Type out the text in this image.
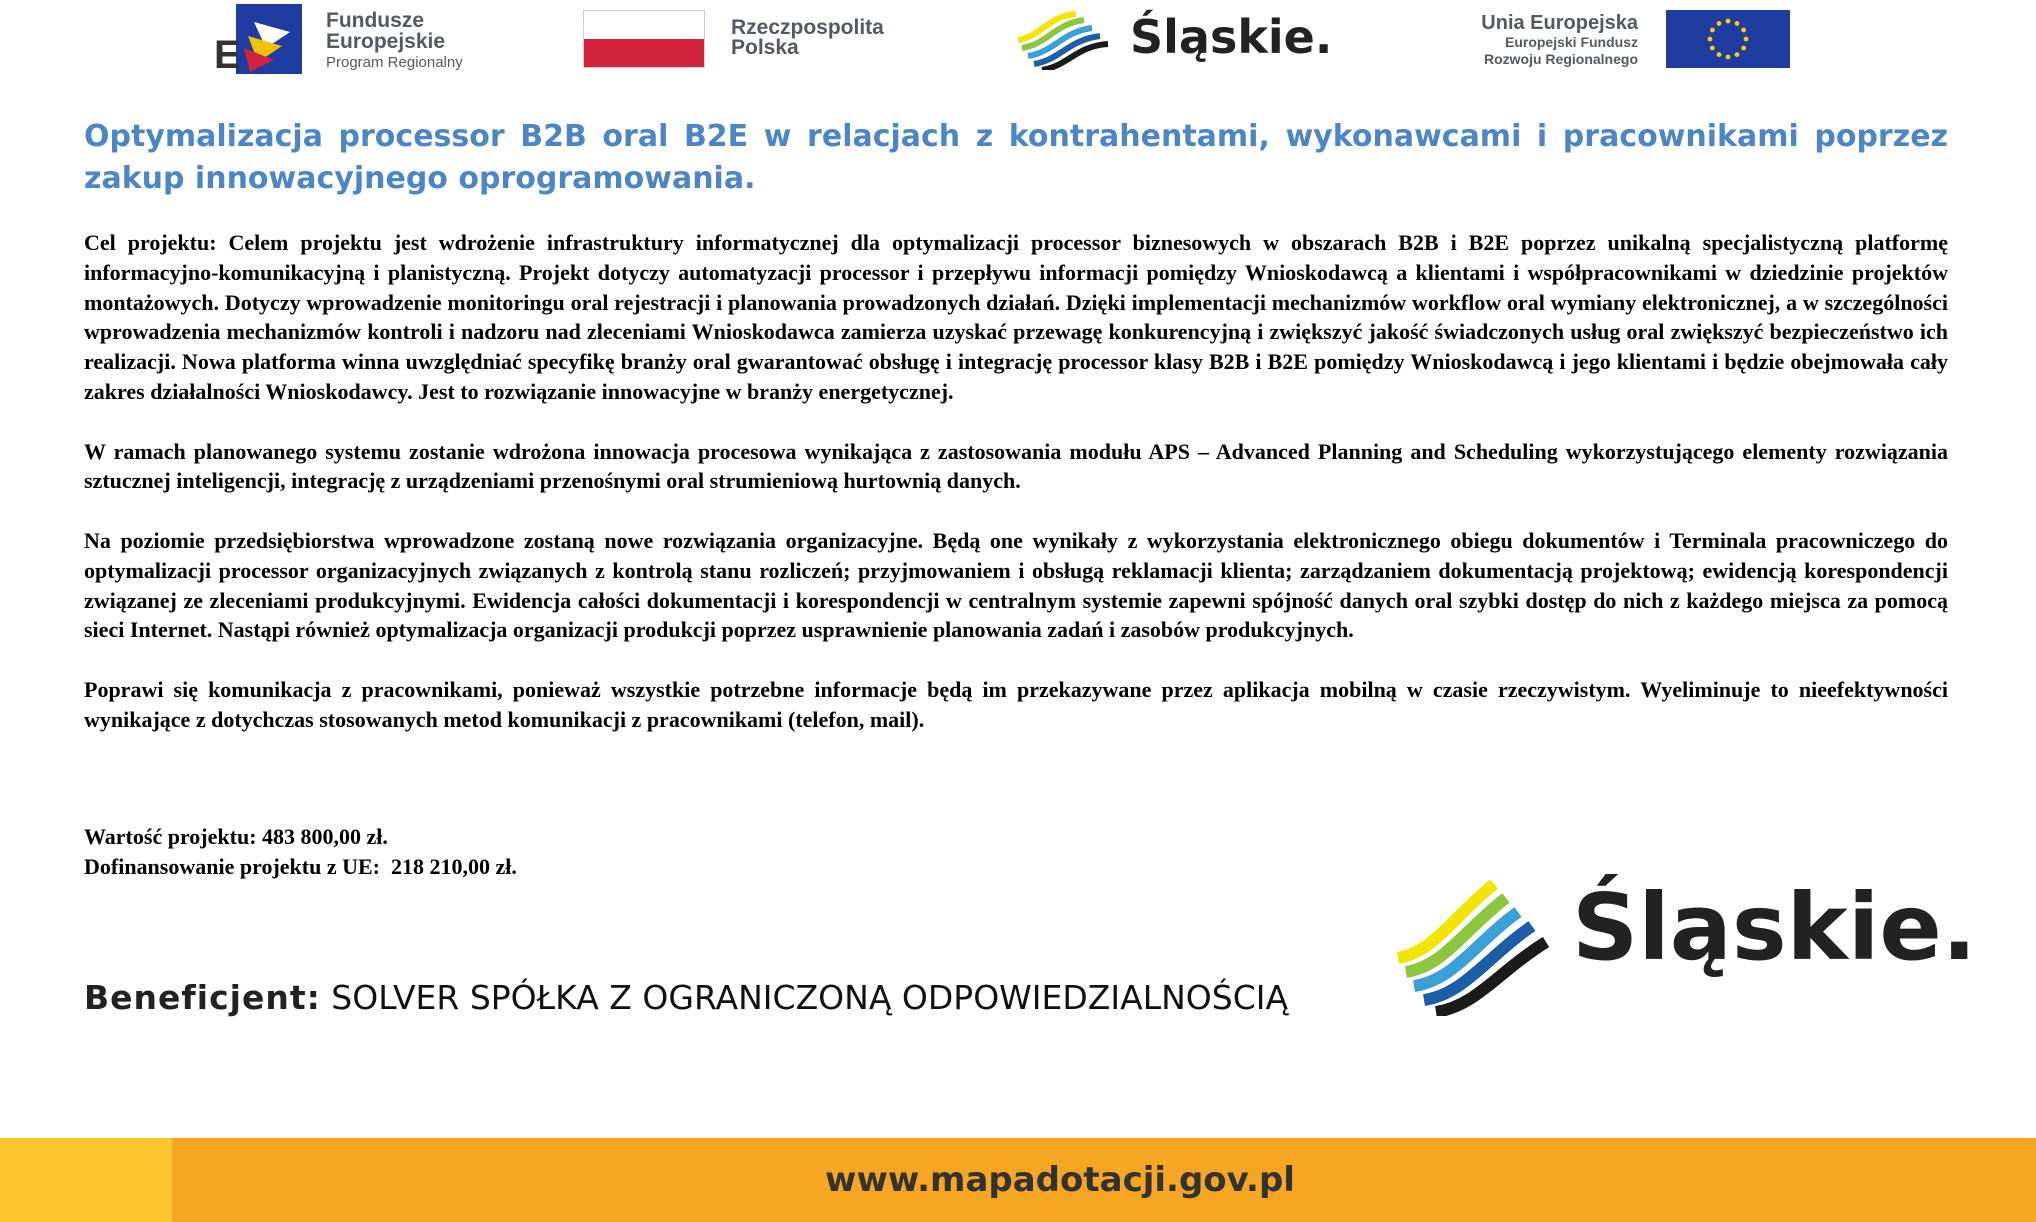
E
Fundusze
Europejskie
Program Regionalny
Rzeczpospolita
Polska	Śląskie.	Unia Europejska
Europejski Fundusz
Rozwoju Regionalnego
Optymalizacja processor B2B oral B2E w relacjach z kontrahentami, wykonawcami i pracownikami poprzez zakup innowacyjnego oprogramowania.

Cel projektu: Celem projektu jest wdrożenie infrastruktury informatycznej dla optymalizacji processor biznesowych w obszarach B2B i B2E poprzez unikalną specjalistyczną platformę informacyjno-komunikacyjną i planistyczną. Projekt dotyczy automatyzacji processor i przepływu informacji pomiędzy Wnioskodawcą a klientami i współpracownikami w dziedzinie projektów montażowych. Dotyczy wprowadzenie monitoringu oral rejestracji i planowania prowadzonych działań. Dzięki implementacji mechanizmów workflow oral wymiany elektronicznej, a w szczególności wprowadzenia mechanizmów kontroli i nadzoru nad zleceniami Wnioskodawca zamierza uzyskać przewagę konkurencyjną i zwiększyć jakość świadczonych usług oral zwiększyć bezpieczeństwo ich realizacji. Nowa platforma winna uwzględniać specyfikę branży oral gwarantować obsługę i integrację processor klasy B2B i B2E pomiędzy Wnioskodawcą i jego klientami i będzie obejmowała cały zakres działalności Wnioskodawcy. Jest to rozwiązanie innowacyjne w branży energetycznej.

W ramach planowanego systemu zostanie wdrożona innowacja procesowa wynikająca z zastosowania modułu APS – Advanced Planning and Scheduling wykorzystującego elementy rozwiązania sztucznej inteligencji, integrację z urządzeniami przenośnymi oral strumieniową hurtownią danych.

Na poziomie przedsiębiorstwa wprowadzone zostaną nowe rozwiązania organizacyjne. Będą one wynikały z wykorzystania elektronicznego obiegu dokumentów i Terminala pracowniczego do optymalizacji processor organizacyjnych związanych z kontrolą stanu rozliczeń; przyjmowaniem i obsługą reklamacji klienta; zarządzaniem dokumentacją projektową; ewidencją korespondencji związanej ze zleceniami produkcyjnymi. Ewidencja całości dokumentacji i korespondencji w centralnym systemie zapewni spójność danych oral szybki dostęp do nich z każdego miejsca za pomocą sieci Internet. Nastąpi również optymalizacja organizacji produkcji poprzez usprawnienie planowania zadań i zasobów produkcyjnych.

Poprawi się komunikacja z pracownikami, ponieważ wszystkie potrzebne informacje będą im przekazywane przez aplikacja mobilną w czasie rzeczywistym. Wyeliminuje to nieefektywności wynikające z dotychczas stosowanych metod komunikacji z pracownikami (telefon, mail).

Wartość projektu: 483 800,00 zł.
Dofinansowanie projektu z UE:  218 210,00 zł.
Beneficjent: SOLVER SPÓŁKA Z OGRANICZONĄ ODPOWIEDZIALNOŚCIĄ
Śląskie.
www.mapadotacji.gov.pl
